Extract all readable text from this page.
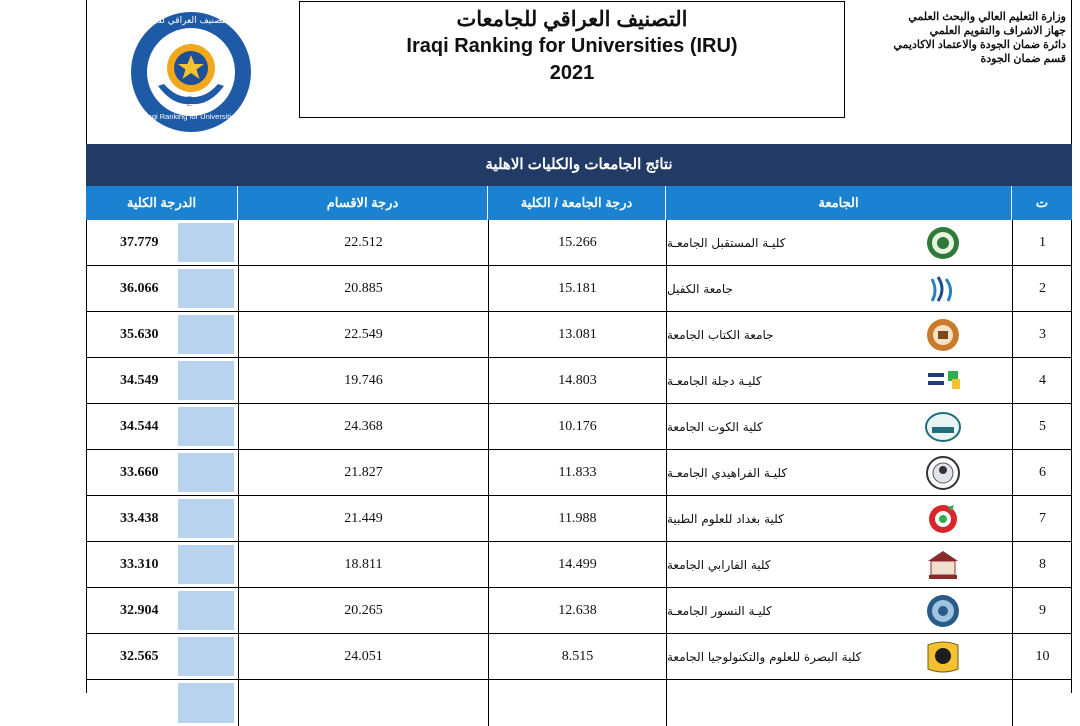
IRU
التصنيف العراقي للجامعات
Iraqi Ranking for Universities
التصنيف العراقي للجامعات
Iraqi Ranking for Universities (IRU)
2021
وزارة التعليم العالي والبحث العلمي
جهاز الاشراف والتقويم العلمي
دائرة ضمان الجودة والاعتماد الاكاديمي
قسم ضمان الجودة
نتائج الجامعات والكليات الاهلية
الدرجة الكلية	درجة الاقسام	درجة الجامعة / الكلية	الجامعة	ت
37.779	22.512	15.266	كليـة المستقبل الجامعـة	1
36.066	20.885	15.181	جامعة الكفيل	2
35.630	22.549	13.081	جامعة الكتاب الجامعة	3
34.549	19.746	14.803	كليـة دجلة الجامعـة	4
34.544	24.368	10.176	كلية الكوت الجامعة	5
33.660	21.827	11.833	كليـة الفراهيدي الجامعـة	6
33.438	21.449	11.988	كلية بغداد للعلوم الطبية	7
33.310	18.811	14.499	كلية الفارابي الجامعة	8
32.904	20.265	12.638	كليـة النسور الجامعـة	9
32.565	24.051	8.515	كلية البصرة للعلوم والتكنولوجيا الجامعة	10
